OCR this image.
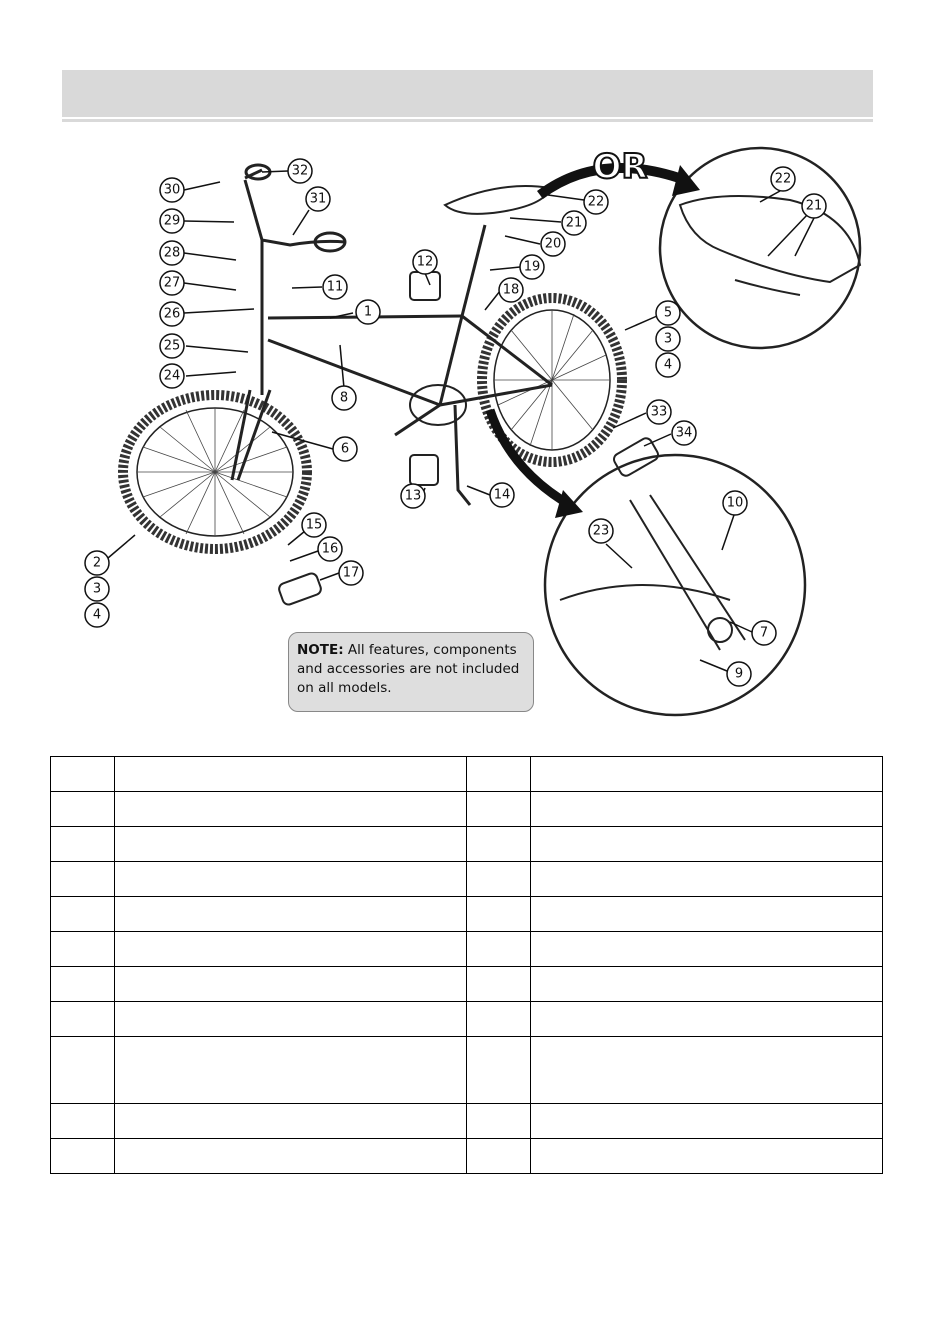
OR
1
2
3
4
5
3
4
6
7
8
9
10
11
12
13	14
15
16
17
18
19
20
21
22
22
21
23
24
25
26
27
28
29
30
31
32
33
34
NOTE: All features, components and accessories are not included on all models.
